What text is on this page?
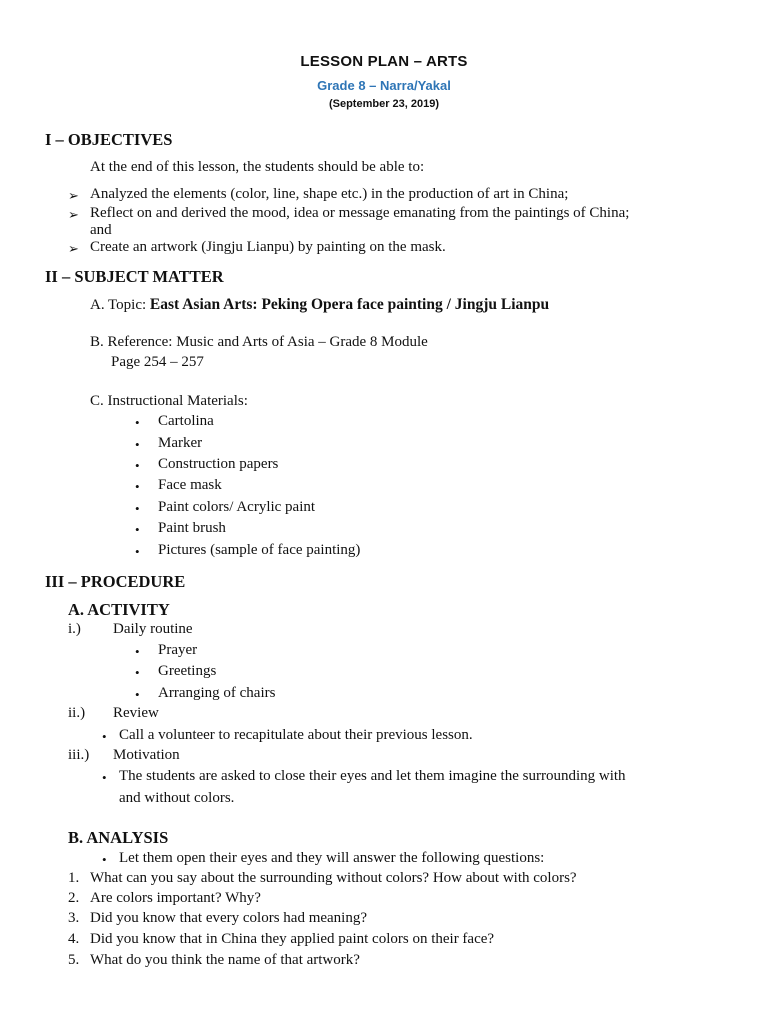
LESSON PLAN – ARTS
Grade 8 – Narra/Yakal
(September 23, 2019)
I – OBJECTIVES
At the end of this lesson, the students should be able to:
➢ Analyzed the elements (color, line, shape etc.) in the production of art in China;
➢ Reflect on and derived the mood, idea or message emanating from the paintings of China;
and
➢ Create an artwork (Jingju Lianpu) by painting on the mask.
II – SUBJECT MATTER
A. Topic: East Asian Arts: Peking Opera face painting / Jingju Lianpu
B. Reference: Music and Arts of Asia – Grade 8 Module
Page 254 – 257
C. Instructional Materials:
• Cartolina
• Marker
• Construction papers
• Face mask
• Paint colors/ Acrylic paint
• Paint brush
• Pictures (sample of face painting)
III – PROCEDURE
A. ACTIVITY
i.) Daily routine
• Prayer
• Greetings
• Arranging of chairs
ii.) Review
• Call a volunteer to recapitulate about their previous lesson.
iii.) Motivation
• The students are asked to close their eyes and let them imagine the surrounding with
and without colors.
B. ANALYSIS
• Let them open their eyes and they will answer the following questions:
1. What can you say about the surrounding without colors? How about with colors?
2. Are colors important? Why?
3. Did you know that every colors had meaning?
4. Did you know that in China they applied paint colors on their face?
5. What do you think the name of that artwork?
